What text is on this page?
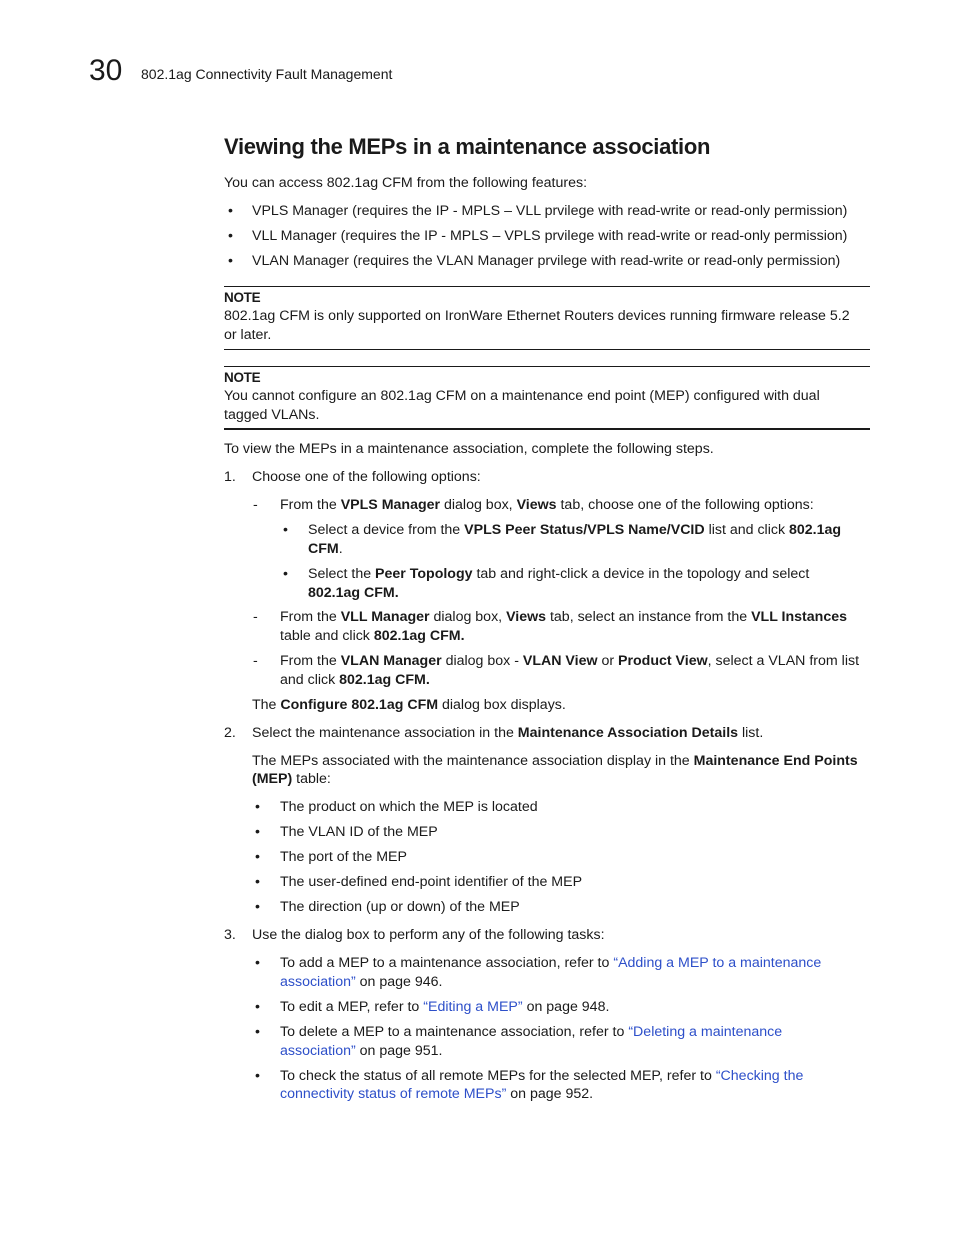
30 802.1ag Connectivity Fault Management
Viewing the MEPs in a maintenance association
You can access 802.1ag CFM from the following features:
• VPLS Manager (requires the IP - MPLS – VLL prvilege with read-write or read-only permission)
• VLL Manager (requires the IP - MPLS – VPLS prvilege with read-write or read-only permission)
• VLAN Manager (requires the VLAN Manager prvilege with read-write or read-only permission)
NOTE
802.1ag CFM is only supported on IronWare Ethernet Routers devices running firmware release 5.2
or later.
NOTE
You cannot configure an 802.1ag CFM on a maintenance end point (MEP) configured with dual
tagged VLANs.
To view the MEPs in a maintenance association, complete the following steps.
1. Choose one of the following options:
- From the VPLS Manager dialog box, Views tab, choose one of the following options:
• Select a device from the VPLS Peer Status/VPLS Name/VCID list and click 802.1ag
CFM.
• Select the Peer Topology tab and right-click a device in the topology and select
802.1ag CFM.
- From the VLL Manager dialog box, Views tab, select an instance from the VLL Instances
table and click 802.1ag CFM.
- From the VLAN Manager dialog box - VLAN View or Product View, select a VLAN from list
and click 802.1ag CFM.
The Configure 802.1ag CFM dialog box displays.
2. Select the maintenance association in the Maintenance Association Details list.
The MEPs associated with the maintenance association display in the Maintenance End Points
(MEP) table:
• The product on which the MEP is located
• The VLAN ID of the MEP
• The port of the MEP
• The user-defined end-point identifier of the MEP
• The direction (up or down) of the MEP
3. Use the dialog box to perform any of the following tasks:
• To add a MEP to a maintenance association, refer to “Adding a MEP to a maintenance
association” on page 946.
• To edit a MEP, refer to “Editing a MEP” on page 948.
• To delete a MEP to a maintenance association, refer to “Deleting a maintenance
association” on page 951.
• To check the status of all remote MEPs for the selected MEP, refer to “Checking the
connectivity status of remote MEPs” on page 952.
